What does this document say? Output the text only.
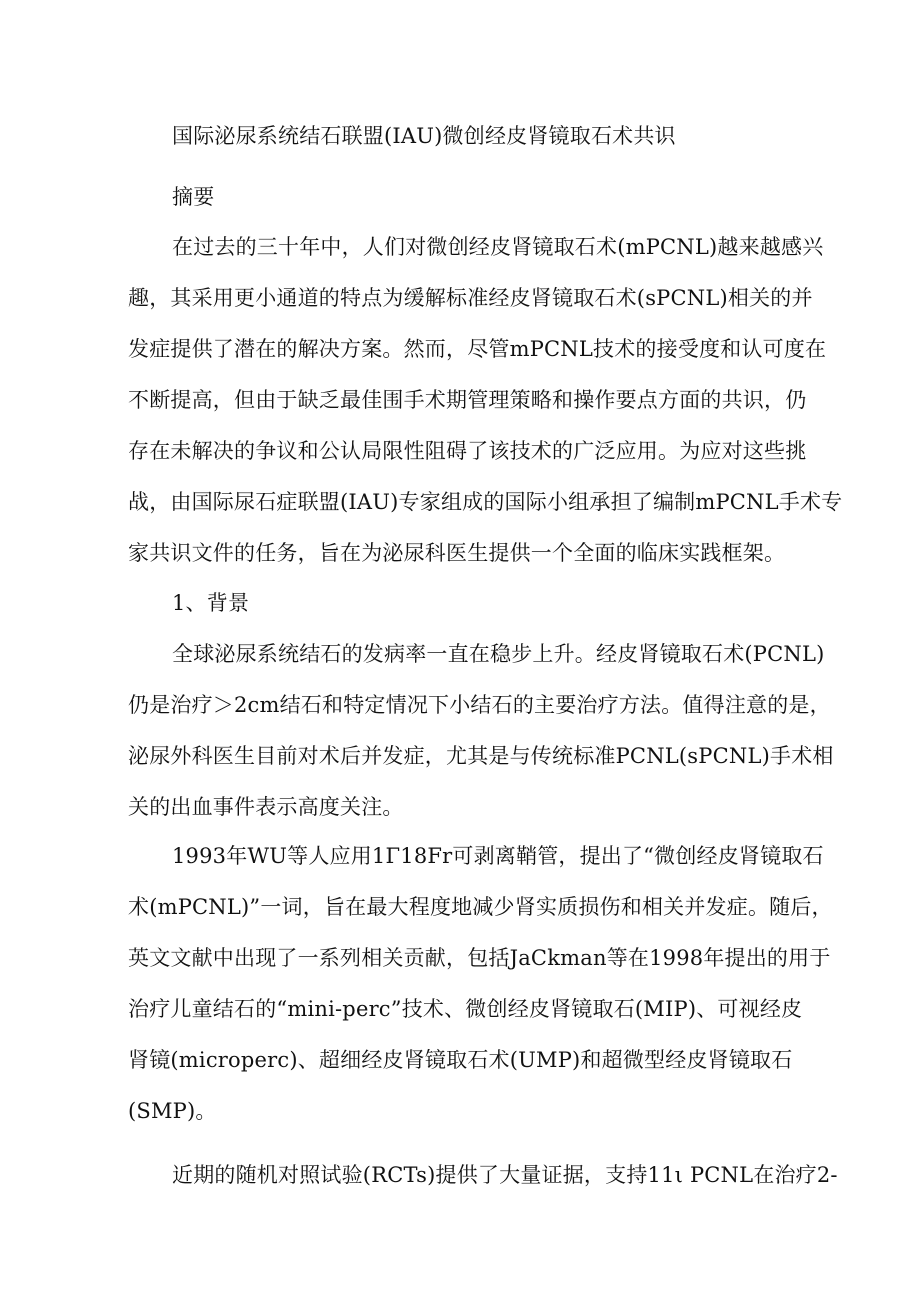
国际泌尿系统结石联盟(IAU)微创经皮肾镜取石术共识
摘要
在过去的三十年中，人们对微创经皮肾镜取石术(mPCNL)越来越感兴
趣，其采用更小通道的特点为缓解标准经皮肾镜取石术(sPCNL)相关的并
发症提供了潜在的解决方案。然而，尽管mPCNL技术的接受度和认可度在
不断提高，但由于缺乏最佳围手术期管理策略和操作要点方面的共识，仍
存在未解决的争议和公认局限性阻碍了该技术的广泛应用。为应对这些挑
战，由国际尿石症联盟(IAU)专家组成的国际小组承担了编制mPCNL手术专
家共识文件的任务，旨在为泌尿科医生提供一个全面的临床实践框架。
1、背景
全球泌尿系统结石的发病率一直在稳步上升。经皮肾镜取石术(PCNL)
仍是治疗＞2cm结石和特定情况下小结石的主要治疗方法。值得注意的是，
泌尿外科医生目前对术后并发症，尤其是与传统标准PCNL(sPCNL)手术相
关的出血事件表示高度关注。
1993年WU等人应用1Γ18Fr可剥离鞘管，提出了“微创经皮肾镜取石
术(mPCNL)”一词，旨在最大程度地减少肾实质损伤和相关并发症。随后，
英文文献中出现了一系列相关贡献，包括JaCkman等在1998年提出的用于
治疗儿童结石的“mini-perc”技术、微创经皮肾镜取石(MIP)、可视经皮
肾镜(microperc)、超细经皮肾镜取石术(UMP)和超微型经皮肾镜取石
(SMP)。
近期的随机对照试验(RCTs)提供了大量证据，支持11ι PCNL在治疗2-
